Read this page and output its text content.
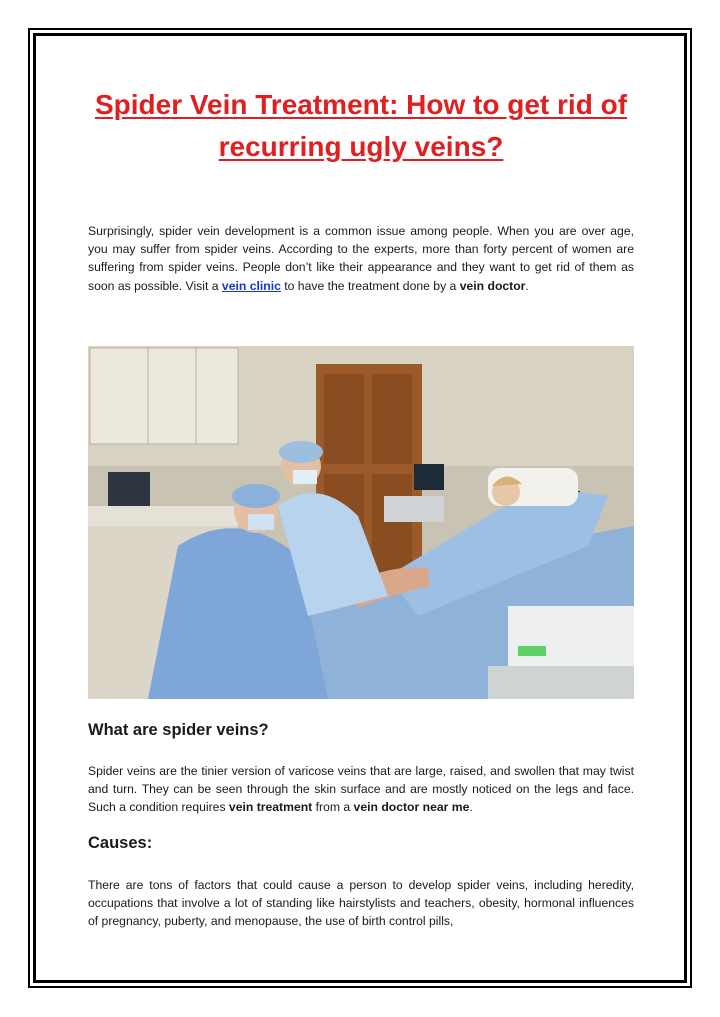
Spider Vein Treatment: How to get rid of recurring ugly veins?

Surprisingly, spider vein development is a common issue among people. When you are over age, you may suffer from spider veins. According to the experts, more than forty percent of women are suffering from spider veins. People don’t like their appearance and they want to get rid of them as soon as possible. Visit a vein clinic to have the treatment done by a vein doctor.

What are spider veins?

Spider veins are the tinier version of varicose veins that are large, raised, and swollen that may twist and turn. They can be seen through the skin surface and are mostly noticed on the legs and face. Such a condition requires vein treatment from a vein doctor near me.

Causes:

There are tons of factors that could cause a person to develop spider veins, including heredity, occupations that involve a lot of standing like hairstylists and teachers, obesity, hormonal influences of pregnancy, puberty, and menopause, the use of birth control pills,
